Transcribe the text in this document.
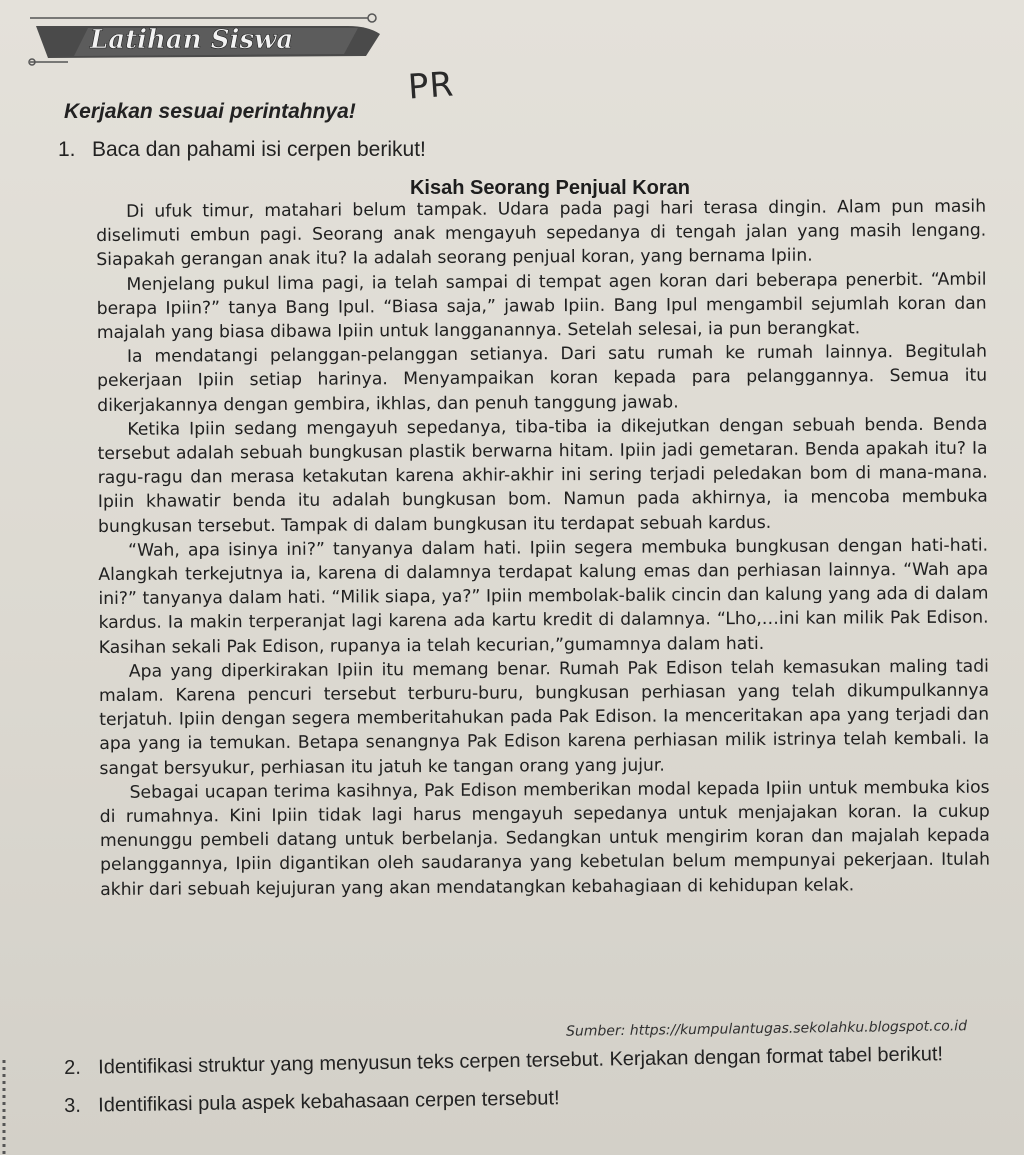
Latihan Siswa
PR
Kerjakan sesuai perintahnya!
1. Baca dan pahami isi cerpen berikut!
Kisah Seorang Penjual Koran

Di ufuk timur, matahari belum tampak. Udara pada pagi hari terasa dingin. Alam pun masih diselimuti embun pagi. Seorang anak mengayuh sepedanya di tengah jalan yang masih lengang. Siapakah gerangan anak itu? Ia adalah seorang penjual koran, yang bernama Ipiin.

Menjelang pukul lima pagi, ia telah sampai di tempat agen koran dari beberapa penerbit. “Ambil berapa Ipiin?” tanya Bang Ipul. “Biasa saja,” jawab Ipiin. Bang Ipul mengambil sejumlah koran dan majalah yang biasa dibawa Ipiin untuk langganannya. Setelah selesai, ia pun berangkat.

Ia mendatangi pelanggan-pelanggan setianya. Dari satu rumah ke rumah lainnya. Begitulah pekerjaan Ipiin setiap harinya. Menyampaikan koran kepada para pelanggannya. Semua itu dikerjakannya dengan gembira, ikhlas, dan penuh tanggung jawab.

Ketika Ipiin sedang mengayuh sepedanya, tiba-tiba ia dikejutkan dengan sebuah benda. Benda tersebut adalah sebuah bungkusan plastik berwarna hitam. Ipiin jadi gemetaran. Benda apakah itu? Ia ragu-ragu dan merasa ketakutan karena akhir-akhir ini sering terjadi peledakan bom di mana-mana. Ipiin khawatir benda itu adalah bungkusan bom. Namun pada akhirnya, ia mencoba membuka bungkusan tersebut. Tampak di dalam bungkusan itu terdapat sebuah kardus.

“Wah, apa isinya ini?” tanyanya dalam hati. Ipiin segera membuka bungkusan dengan hati-hati. Alangkah terkejutnya ia, karena di dalamnya terdapat kalung emas dan perhiasan lainnya. “Wah apa ini?” tanyanya dalam hati. “Milik siapa, ya?” Ipiin membolak-balik cincin dan kalung yang ada di dalam kardus. Ia makin terperanjat lagi karena ada kartu kredit di dalamnya. “Lho,…ini kan milik Pak Edison. Kasihan sekali Pak Edison, rupanya ia telah kecurian,”gumamnya dalam hati.

Apa yang diperkirakan Ipiin itu memang benar. Rumah Pak Edison telah kemasukan maling tadi malam. Karena pencuri tersebut terburu-buru, bungkusan perhiasan yang telah dikumpulkannya terjatuh. Ipiin dengan segera memberitahukan pada Pak Edison. Ia menceritakan apa yang terjadi dan apa yang ia temukan. Betapa senangnya Pak Edison karena perhiasan milik istrinya telah kembali. Ia sangat bersyukur, perhiasan itu jatuh ke tangan orang yang jujur.

Sebagai ucapan terima kasihnya, Pak Edison memberikan modal kepada Ipiin untuk membuka kios di rumahnya. Kini Ipiin tidak lagi harus mengayuh sepedanya untuk menjajakan koran. Ia cukup menunggu pembeli datang untuk berbelanja. Sedangkan untuk mengirim koran dan majalah kepada pelanggannya, Ipiin digantikan oleh saudaranya yang kebetulan belum mempunyai pekerjaan. Itulah akhir dari sebuah kejujuran yang akan mendatangkan kebahagiaan di kehidupan kelak.

Sumber: https://kumpulantugas.sekolahku.blogspot.co.id
2. Identifikasi struktur yang menyusun teks cerpen tersebut. Kerjakan dengan format tabel berikut!
3. Identifikasi pula aspek kebahasaan cerpen tersebut!
